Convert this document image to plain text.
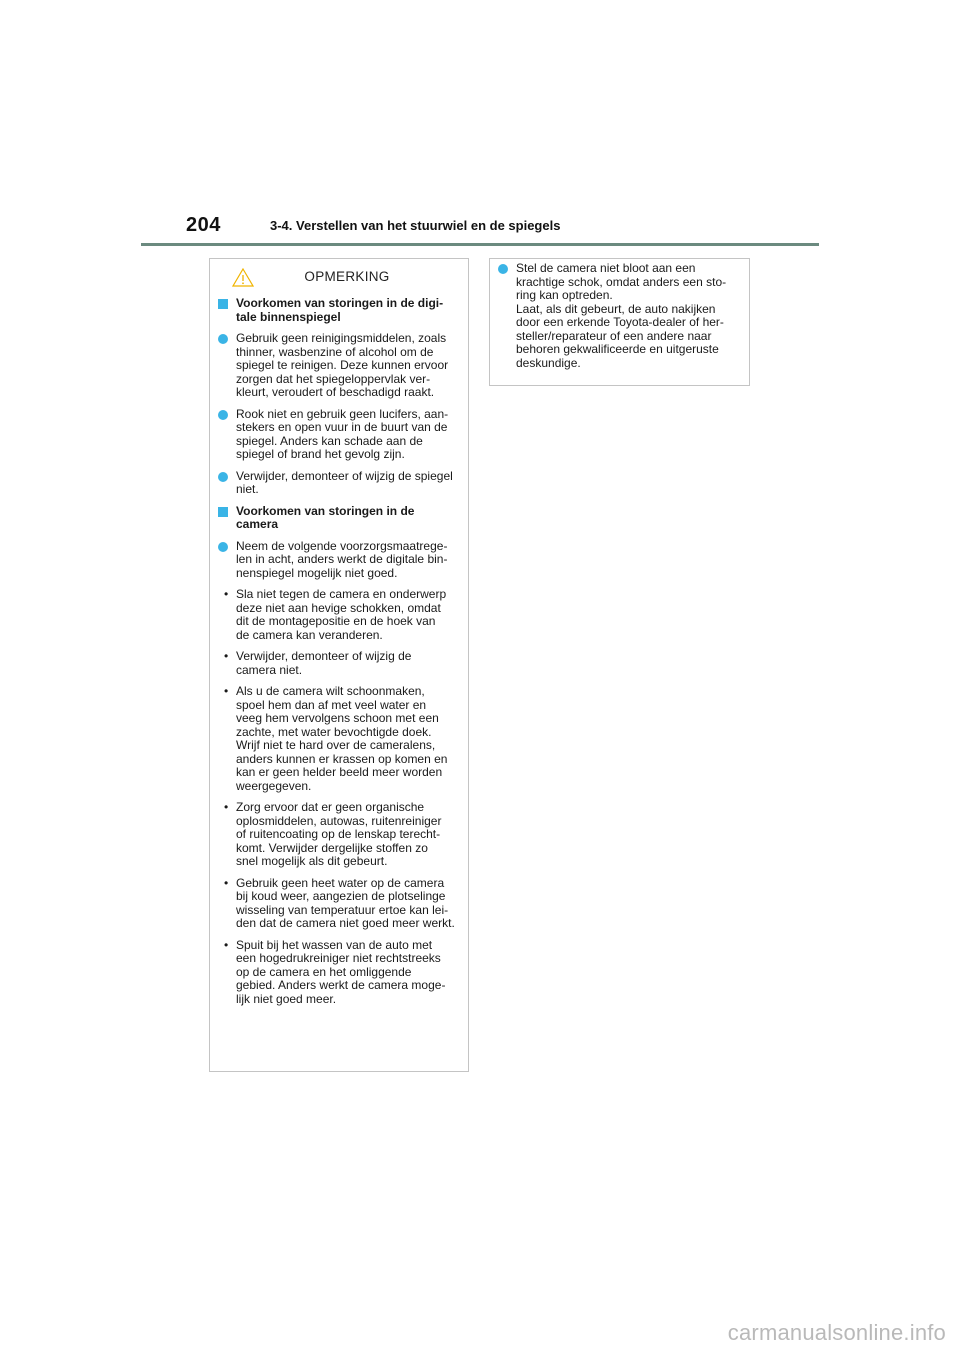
204	3-4. Verstellen van het stuurwiel en de spiegels
OPMERKING
Voorkomen van storingen in de digi-
tale binnenspiegel
Gebruik geen reinigingsmiddelen, zoals
thinner, wasbenzine of alcohol om de
spiegel te reinigen. Deze kunnen ervoor
zorgen dat het spiegeloppervlak ver-
kleurt, veroudert of beschadigd raakt.
Rook niet en gebruik geen lucifers, aan-
stekers en open vuur in de buurt van de
spiegel. Anders kan schade aan de
spiegel of brand het gevolg zijn.
Verwijder, demonteer of wijzig de spiegel
niet.
Voorkomen van storingen in de
camera
Neem de volgende voorzorgsmaatrege-
len in acht, anders werkt de digitale bin-
nenspiegel mogelijk niet goed.
• Sla niet tegen de camera en onderwerp
deze niet aan hevige schokken, omdat
dit de montagepositie en de hoek van
de camera kan veranderen.
• Verwijder, demonteer of wijzig de
camera niet.
• Als u de camera wilt schoonmaken,
spoel hem dan af met veel water en
veeg hem vervolgens schoon met een
zachte, met water bevochtigde doek.
Wrijf niet te hard over de cameralens,
anders kunnen er krassen op komen en
kan er geen helder beeld meer worden
weergegeven.
• Zorg ervoor dat er geen organische
oplosmiddelen, autowas, ruitenreiniger
of ruitencoating op de lenskap terecht-
komt. Verwijder dergelijke stoffen zo
snel mogelijk als dit gebeurt.
• Gebruik geen heet water op de camera
bij koud weer, aangezien de plotselinge
wisseling van temperatuur ertoe kan lei-
den dat de camera niet goed meer werkt.
• Spuit bij het wassen van de auto met
een hogedrukreiniger niet rechtstreeks
op de camera en het omliggende
gebied. Anders werkt de camera moge-
lijk niet goed meer.
Stel de camera niet bloot aan een
krachtige schok, omdat anders een sto-
ring kan optreden.
Laat, als dit gebeurt, de auto nakijken
door een erkende Toyota-dealer of her-
steller/reparateur of een andere naar
behoren gekwalificeerde en uitgeruste
deskundige.
carmanualsonline.info
